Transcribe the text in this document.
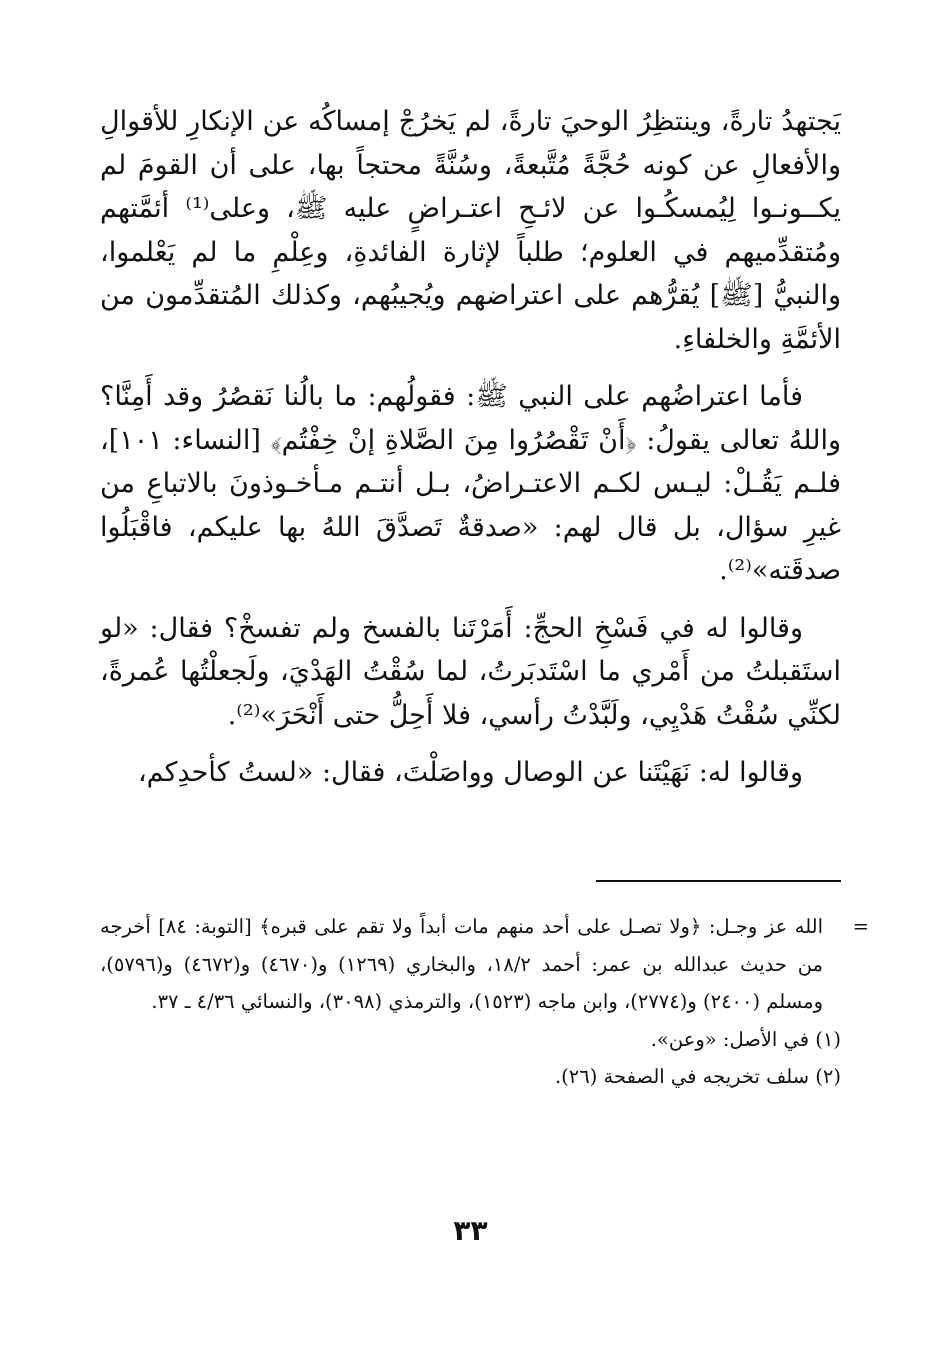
يَجتهدُ تارةً، وينتظِرُ الوحيَ تارةً، لم يَخرُجْ إمساكُه عن الإنكارِ للأقوالِ والأفعالِ عن كونه حُجَّةً مُتَّبعةً، وسُنَّةً محتجاً بها، على أن القومَ لم يكــونـوا لِيُمسكُـوا عن لائـحِ اعتـراضٍ عليه ﷺ، وعلى⁽¹⁾ أئمَّتهم ومُتقدِّميهم في العلوم؛ طلباً لإثارة الفائدةِ، وعِلْمِ ما لم يَعْلموا، والنبيُّ [ﷺ] يُقرُّهم على اعتراضهم ويُجيبُهم، وكذلك المُتقدِّمون من الأئمَّةِ والخلفاءِ.

فأما اعتراضُهم على النبي ﷺ: فقولُهم: ما بالُنا نَقصُرُ وقد أَمِنَّا؟ واللهُ تعالى يقولُ: ﴿أَنْ تَقْصُرُوا مِنَ الصَّلاةِ إنْ خِفْتُم﴾ [النساء: ١٠١]، فلـم يَقُـلْ: ليـس لكـم الاعتـراضُ، بـل أنتـم مـأخـوذونَ بالاتباعِ من غيرِ سؤال، بل قال لهم: «صدقةٌ تَصدَّقَ اللهُ بها عليكم، فاقْبَلُوا صدقَته»⁽²⁾.

وقالوا له في فَسْخِ الحجِّ: أَمَرْتَنا بالفسخ ولم تفسخْ؟ فقال: «لو استَقبلتُ من أَمْري ما اسْتَدبَرتُ، لما سُقْتُ الهَدْيَ، ولَجعلْتُها عُمرةً، لكنِّي سُقْتُ هَدْيِي، ولَبَّدْتُ رأسي، فلا أَحِلُّ حتى أَنْحَرَ»⁽²⁾.

وقالوا له: نَهَيْتَنا عن الوصال وواصَلْتَ، فقال: «لستُ كأحدِكم،

=

الله عز وجـل: ﴿ولا تصـل على أحد منهم مات أبداً ولا تقم على قبره﴾ [التوبة: ٨٤] أخرجه من حديث عبدالله بن عمر: أحمد ١٨/٢، والبخاري (١٢٦٩) و(٤٦٧٠) و(٤٦٧٢) و(٥٧٩٦)، ومسلم (٢٤٠٠) و(٢٧٧٤)، وابن ماجه (١٥٢٣)، والترمذي (٣٠٩٨)، والنسائي ٤/٣٦ ـ ٣٧.

(١) في الأصل: «وعن».

(٢) سلف تخريجه في الصفحة (٢٦).

٣٣
